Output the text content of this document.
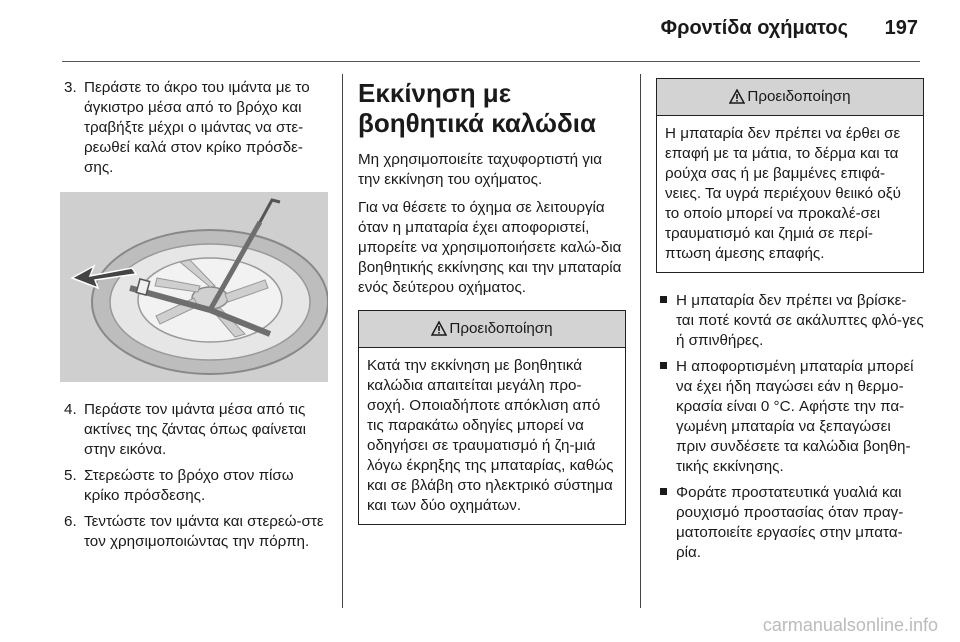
Φροντίδα οχήματος 197
3. Περάστε το άκρο του ιμάντα με το άγκιστρο μέσα από το βρόχο και τραβήξτε μέχρι ο ιμάντας να στε-ρεωθεί καλά στον κρίκο πρόσδε-σης.
4. Περάστε τον ιμάντα μέσα από τις ακτίνες της ζάντας όπως φαίνεται στην εικόνα.
5. Στερεώστε το βρόχο στον πίσω κρίκο πρόσδεσης.
6. Τεντώστε τον ιμάντα και στερεώ-στε τον χρησιμοποιώντας την πόρπη.
Εκκίνηση με βοηθητικά καλώδια

Μη χρησιμοποιείτε ταχυφορτιστή για την εκκίνηση του οχήματος.

Για να θέσετε το όχημα σε λειτουργία όταν η μπαταρία έχει αποφοριστεί, μπορείτε να χρησιμοποιήσετε καλώ-δια βοηθητικής εκκίνησης και την μπαταρία ενός δεύτερου οχήματος.

Προειδοποίηση
Κατά την εκκίνηση με βοηθητικά καλώδια απαιτείται μεγάλη προ-σοχή. Οποιαδήποτε απόκλιση από τις παρακάτω οδηγίες μπορεί να οδηγήσει σε τραυματισμό ή ζη-μιά λόγω έκρηξης της μπαταρίας, καθώς και σε βλάβη στο ηλεκτρικό σύστημα και των δύο οχημάτων.
Προειδοποίηση
Η μπαταρία δεν πρέπει να έρθει σε επαφή με τα μάτια, το δέρμα και τα ρούχα σας ή με βαμμένες επιφά-νειες. Τα υγρά περιέχουν θειικό οξύ το οποίο μπορεί να προκαλέ-σει τραυματισμό και ζημιά σε περί-πτωση άμεσης επαφής.
Η μπαταρία δεν πρέπει να βρίσκε-ται ποτέ κοντά σε ακάλυπτες φλό-γες ή σπινθήρες.
Η αποφορτισμένη μπαταρία μπορεί να έχει ήδη παγώσει εάν η θερμο-κρασία είναι 0 °C. Αφήστε την πα-γωμένη μπαταρία να ξεπαγώσει πριν συνδέσετε τα καλώδια βοηθη-τικής εκκίνησης.
Φοράτε προστατευτικά γυαλιά και ρουχισμό προστασίας όταν πραγ-ματοποιείτε εργασίες στην μπατα-ρία.
carmanualsonline.info
